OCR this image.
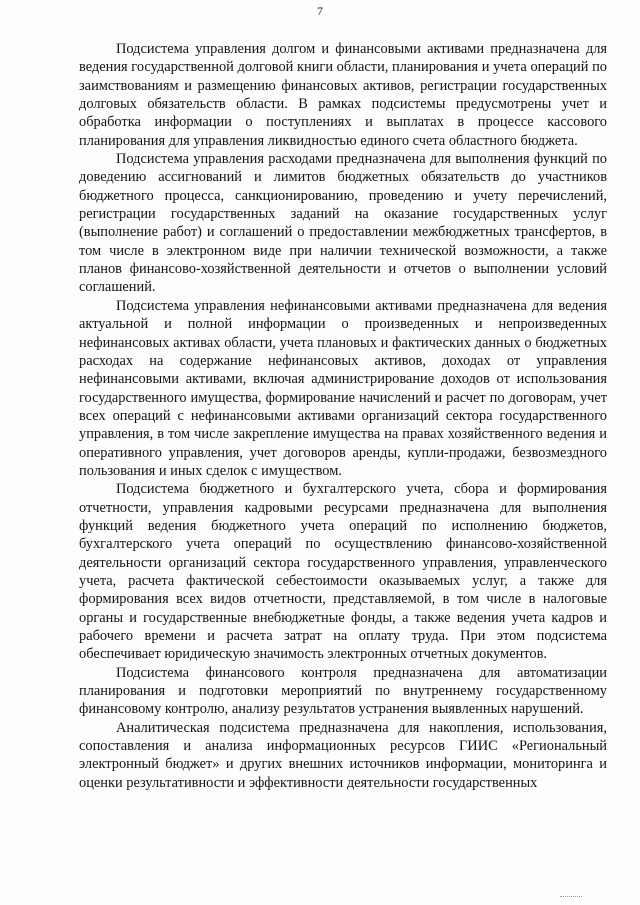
7

Подсистема управления долгом и финансовыми активами предназначена для ведения государственной долговой книги области, планирования и учета операций по заимствованиям и размещению финансовых активов, регистрации государственных долговых обязательств области. В рамках подсистемы предусмотрены учет и обработка информации о поступлениях и выплатах в процессе кассового планирования для управления ликвидностью единого счета областного бюджета.

Подсистема управления расходами предназначена для выполнения функций по доведению ассигнований и лимитов бюджетных обязательств до участников бюджетного процесса, санкционированию, проведению и учету перечислений, регистрации государственных заданий на оказание государственных услуг (выполнение работ) и соглашений о предоставлении межбюджетных трансфертов, в том числе в электронном виде при наличии технической возможности, а также планов финансово-хозяйственной деятельности и отчетов о выполнении условий соглашений.

Подсистема управления нефинансовыми активами предназначена для ведения актуальной и полной информации о произведенных и непроизведенных нефинансовых активах области, учета плановых и фактических данных о бюджетных расходах на содержание нефинансовых активов, доходах от управления нефинансовыми активами, включая администрирование доходов от использования государственного имущества, формирование начислений и расчет по договорам, учет всех операций с нефинансовыми активами организаций сектора государственного управления, в том числе закрепление имущества на правах хозяйственного ведения и оперативного управления, учет договоров аренды, купли-продажи, безвозмездного пользования и иных сделок с имуществом.

Подсистема бюджетного и бухгалтерского учета, сбора и формирования отчетности, управления кадровыми ресурсами предназначена для выполнения функций ведения бюджетного учета операций по исполнению бюджетов, бухгалтерского учета операций по осуществлению финансово-хозяйственной деятельности организаций сектора государственного управления, управленческого учета, расчета фактической себестоимости оказываемых услуг, а также для формирования всех видов отчетности, представляемой, в том числе в налоговые органы и государственные внебюджетные фонды, а также ведения учета кадров и рабочего времени и расчета затрат на оплату труда. При этом подсистема обеспечивает юридическую значимость электронных отчетных документов.

Подсистема финансового контроля предназначена для автоматизации планирования и подготовки мероприятий по внутреннему государственному финансовому контролю, анализу результатов устранения выявленных нарушений.

Аналитическая подсистема предназначена для накопления, использования, сопоставления и анализа информационных ресурсов ГИИС «Региональный электронный бюджет» и других внешних источников информации, мониторинга и оценки результативности и эффективности деятельности государственных
